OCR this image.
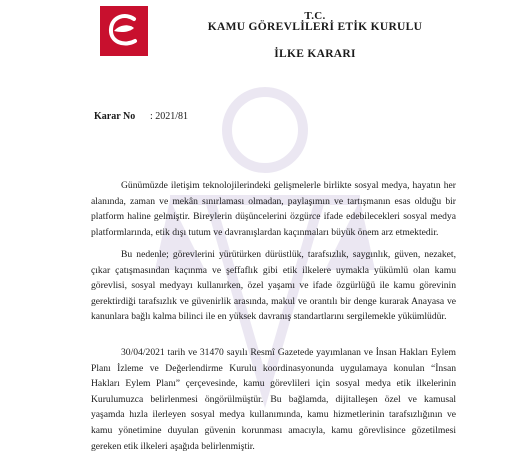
T.C.
KAMU GÖREVLİLERİ ETİK KURULU
İLKE KARARI
Karar No : 2021/81
Günümüzde iletişim teknolojilerindeki gelişmelerle birlikte sosyal medya, hayatın her
alanında, zaman ve mekân sınırlaması olmadan, paylaşımın ve tartışmanın esas olduğu bir
platform haline gelmiştir. Bireylerin düşüncelerini özgürce ifade edebilecekleri sosyal medya
platformlarında, etik dışı tutum ve davranışlardan kaçınmaları büyük önem arz etmektedir.
Bu nedenle; görevlerini yürütürken dürüstlük, tarafsızlık, saygınlık, güven, nezaket,
çıkar çatışmasından kaçınma ve şeffaflık gibi etik ilkelere uymakla yükümlü olan kamu
görevlisi, sosyal medyayı kullanırken, özel yaşamı ve ifade özgürlüğü ile kamu görevinin
gerektirdiği tarafsızlık ve güvenirlik arasında, makul ve orantılı bir denge kurarak Anayasa ve
kanunlara bağlı kalma bilinci ile en yüksek davranış standartlarını sergilemekle yükümlüdür.
30/04/2021 tarih ve 31470 sayılı Resmî Gazetede yayımlanan ve İnsan Hakları Eylem
Planı İzleme ve Değerlendirme Kurulu koordinasyonunda uygulamaya konulan “İnsan
Hakları Eylem Planı” çerçevesinde, kamu görevlileri için sosyal medya etik ilkelerinin
Kurulumuzca belirlenmesi öngörülmüştür. Bu bağlamda, dijitalleşen özel ve kamusal
yaşamda hızla ilerleyen sosyal medya kullanımında, kamu hizmetlerinin tarafsızlığının ve
kamu yönetimine duyulan güvenin korunması amacıyla, kamu görevlisince gözetilmesi
gereken etik ilkeleri aşağıda belirlenmiştir.
